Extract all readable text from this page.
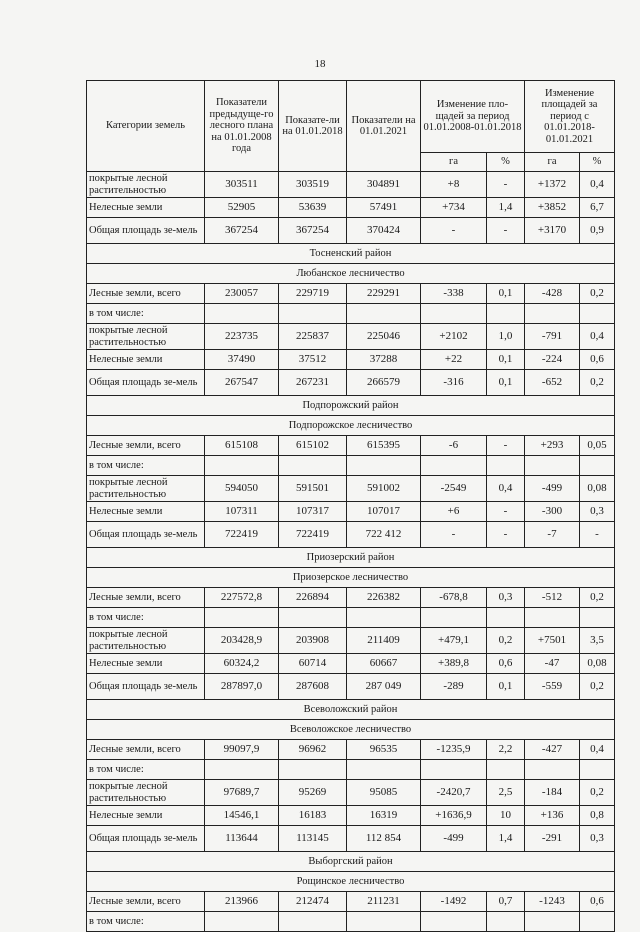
18
Категории земель	Показатели предыдуще-го лесного плана на 01.01.2008 года	Показате-ли на 01.01.2018	Показатели на 01.01.2021	Изменение пло-щадей за период 01.01.2008-01.01.2018		Изменение площадей за период с 01.01.2018-01.01.2021	
				га	%	га	%
покрытые лесной растительностью	303511	303519	304891	+8	-	+1372	0,4
Нелесные земли	52905	53639	57491	+734	1,4	+3852	6,7
Общая площадь зе-мель	367254	367254	370424	-	-	+3170	0,9
Тосненский район							
Любанское лесничество							
Лесные земли, всего	230057	229719	229291	-338	0,1	-428	0,2
в том числе:							
покрытые лесной растительностью	223735	225837	225046	+2102	1,0	-791	0,4
Нелесные земли	37490	37512	37288	+22	0,1	-224	0,6
Общая площадь зе-мель	267547	267231	266579	-316	0,1	-652	0,2
Подпорожский район							
Подпорожское лесничество							
Лесные земли, всего	615108	615102	615395	-6	-	+293	0,05
в том числе:							
покрытые лесной растительностью	594050	591501	591002	-2549	0,4	-499	0,08
Нелесные земли	107311	107317	107017	+6	-	-300	0,3
Общая площадь зе-мель	722419	722419	722 412	-	-	-7	-
Приозерский район							
Приозерское лесничество							
Лесные земли, всего	227572,8	226894	226382	-678,8	0,3	-512	0,2
в том числе:							
покрытые лесной растительностью	203428,9	203908	211409	+479,1	0,2	+7501	3,5
Нелесные земли	60324,2	60714	60667	+389,8	0,6	-47	0,08
Общая площадь зе-мель	287897,0	287608	287 049	-289	0,1	-559	0,2
Всеволожский район							
Всеволожское лесничество							
Лесные земли, всего	99097,9	96962	96535	-1235,9	2,2	-427	0,4
в том числе:							
покрытые лесной растительностью	97689,7	95269	95085	-2420,7	2,5	-184	0,2
Нелесные земли	14546,1	16183	16319	+1636,9	10	+136	0,8
Общая площадь зе-мель	113644	113145	112 854	-499	1,4	-291	0,3
Выборгский район							
Рощинское лесничество							
Лесные земли, всего	213966	212474	211231	-1492	0,7	-1243	0,6
в том числе:							
